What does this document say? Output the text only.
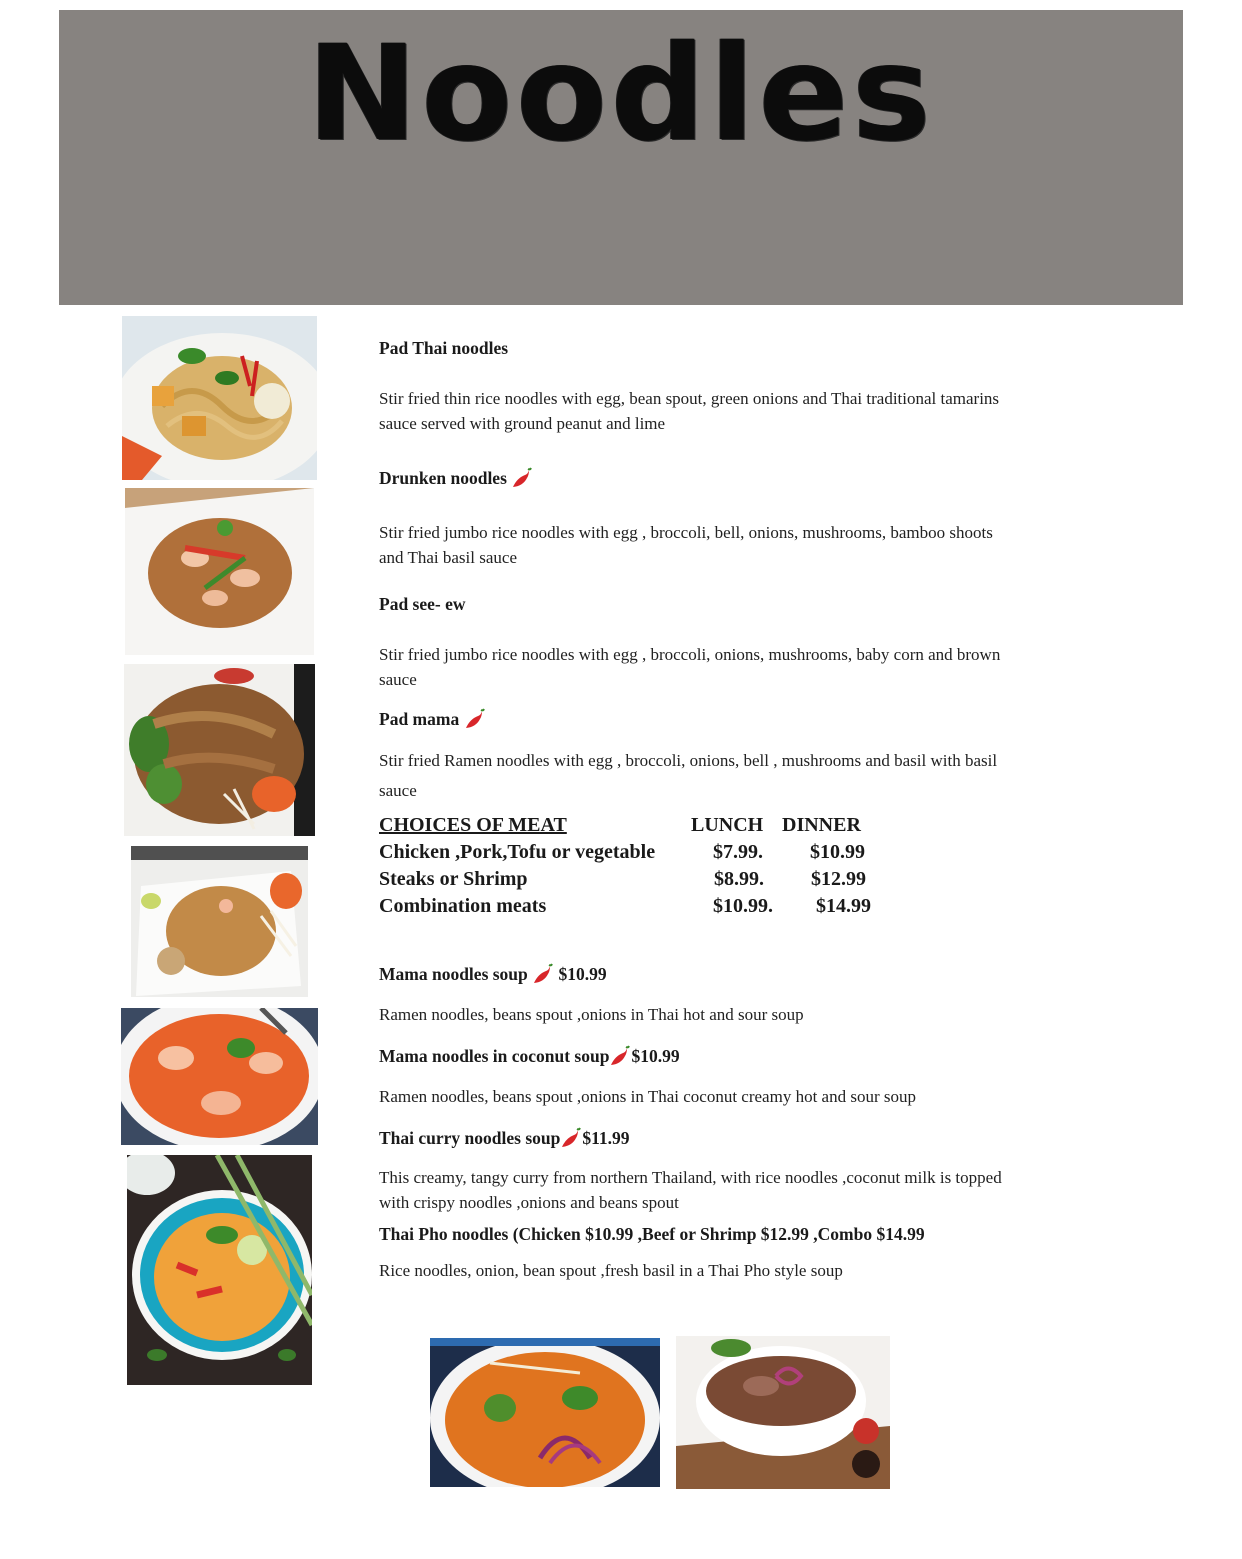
Noodles
Pad Thai noodles
Stir fried thin rice noodles with egg, bean spout, green onions and Thai traditional tamarins sauce served with ground peanut and lime
Drunken noodles
Stir fried jumbo rice noodles with egg , broccoli, bell, onions, mushrooms, bamboo shoots and Thai basil sauce
Pad see- ew
Stir fried jumbo rice noodles with egg , broccoli, onions, mushrooms, baby corn and brown sauce
Pad mama
Stir fried Ramen noodles with egg , broccoli, onions, bell , mushrooms and basil with basil sauce
CHOICES OF MEAT	LUNCH DINNER
Chicken ,Pork,Tofu or vegetable	$7.99. $10.99
Steaks or Shrimp	$8.99. $12.99
Combination meats	$10.99. $14.99
Mama noodles soup
$10.99
Ramen noodles, beans spout ,onions in Thai hot and sour soup
Mama noodles in coconut soup $10.99
Ramen noodles, beans spout ,onions in Thai coconut creamy hot and sour soup
Thai curry noodles soup $11.99
This creamy, tangy curry from northern Thailand, with rice noodles ,coconut milk is topped with crispy noodles ,onions and beans spout
Thai Pho noodles (Chicken $10.99 ,Beef or Shrimp $12.99 ,Combo $14.99
Rice noodles, onion, bean spout ,fresh basil in a Thai Pho style soup
